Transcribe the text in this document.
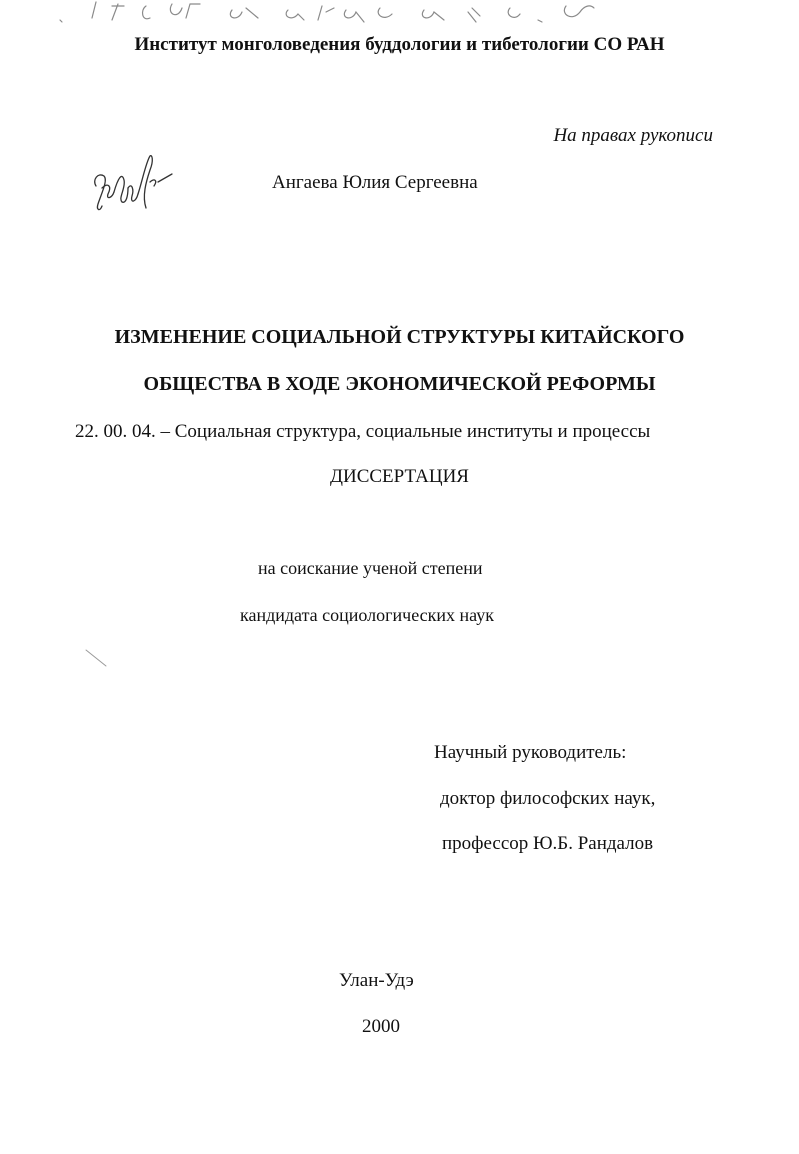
Институт монголоведения буддологии и тибетологии СО РАН
На правах рукописи
Ангаева Юлия Сергеевна
ИЗМЕНЕНИЕ СОЦИАЛЬНОЙ СТРУКТУРЫ КИТАЙСКОГО
ОБЩЕСТВА В ХОДЕ ЭКОНОМИЧЕСКОЙ РЕФОРМЫ
22. 00. 04. – Социальная структура, социальные институты и процессы
ДИССЕРТАЦИЯ
на соискание ученой степени
кандидата социологических наук
Научный руководитель:
доктор философских наук,
профессор Ю.Б. Рандалов
Улан-Удэ
2000
